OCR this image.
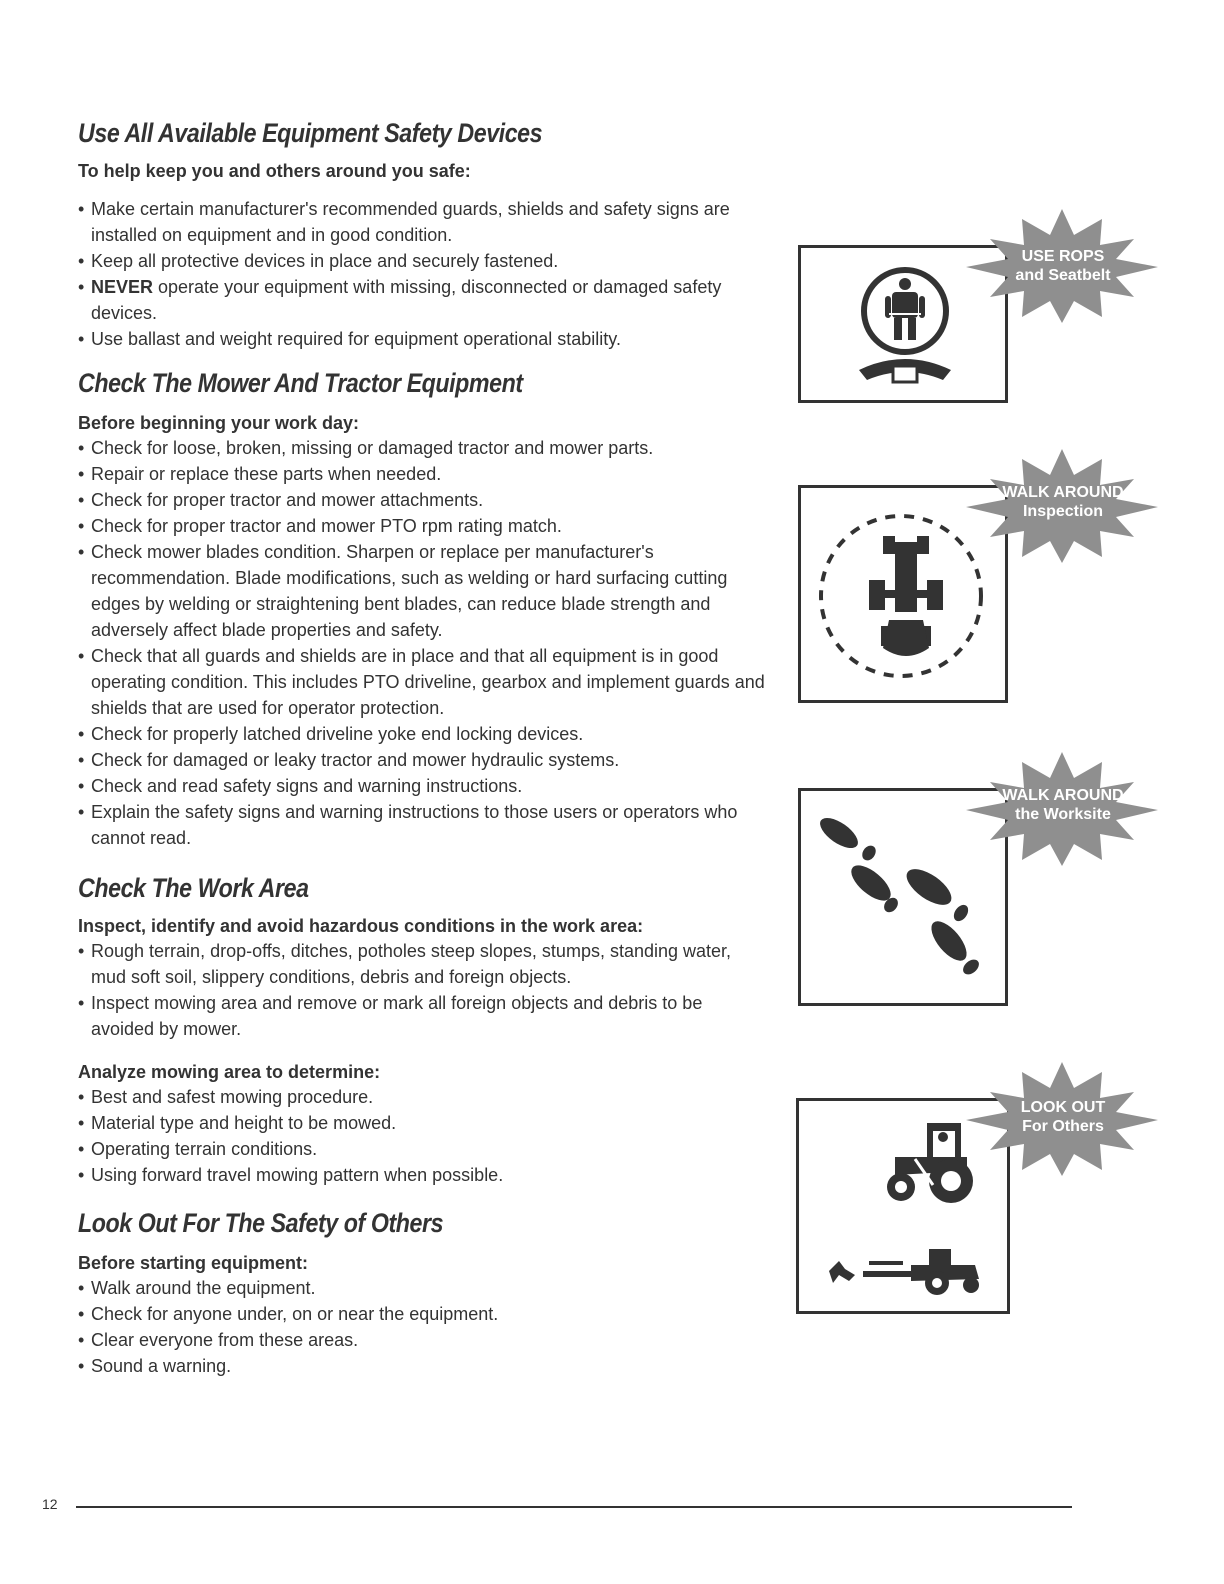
Use All Available Equipment Safety Devices

To help keep you and others around you safe:

• Make certain manufacturer's recommended guards, shields and safety signs are installed on equipment and in good condition.
• Keep all protective devices in place and securely fastened.
• NEVER operate your equipment with missing, disconnected or damaged safety devices.
• Use ballast and weight required for equipment operational stability.
Check The Mower And Tractor Equipment

Before beginning your work day:

• Check for loose, broken, missing or damaged tractor and mower parts.
• Repair or replace these parts when needed.
• Check for proper tractor and mower attachments.
• Check for proper tractor and mower PTO rpm rating match.
• Check mower blades condition. Sharpen or replace per manufacturer's recommendation. Blade modifications, such as welding or hard surfacing cutting edges by welding or straightening bent blades, can reduce blade strength and adversely affect blade properties and safety.
• Check that all guards and shields are in place and that all equipment is in good operating condition. This includes PTO driveline, gearbox and implement guards and shields that are used for operator protection.
• Check for properly latched driveline yoke end locking devices.
• Check for damaged or leaky tractor and mower hydraulic systems.
• Check and read safety signs and warning instructions.
• Explain the safety signs and warning instructions to those users or operators who cannot read.
Check The Work Area

Inspect, identify and avoid hazardous conditions in the work area:

• Rough terrain, drop-offs, ditches, potholes steep slopes, stumps, standing water, mud soft soil, slippery conditions, debris and foreign objects.
• Inspect mowing area and remove or mark all foreign objects and debris to be avoided by mower.

Analyze mowing area to determine:

• Best and safest mowing procedure.
• Material type and height to be mowed.
• Operating terrain conditions.
• Using forward travel mowing pattern when possible.
Look Out For The Safety of Others

Before starting equipment:

• Walk around the equipment.
• Check for anyone under, on or near the equipment.
• Clear everyone from these areas.
• Sound a warning.
USE ROPS
and Seatbelt
WALK AROUND
Inspection
WALK AROUND
the Worksite
LOOK OUT
For Others
12
